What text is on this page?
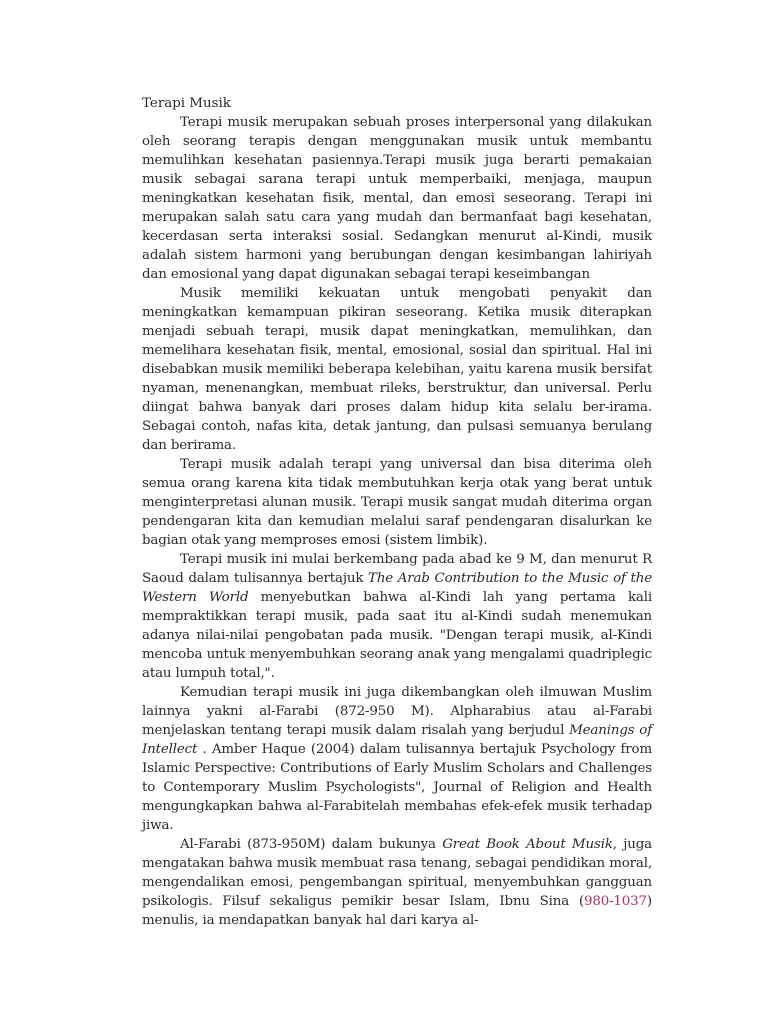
Terapi Musik

Terapi musik merupakan sebuah proses interpersonal yang dilakukan oleh seorang terapis dengan menggunakan musik untuk membantu memulihkan kesehatan pasiennya.Terapi musik juga berarti pemakaian musik sebagai sarana terapi untuk memperbaiki, menjaga, maupun meningkatkan kesehatan fisik, mental, dan emosi seseorang. Terapi ini merupakan salah satu cara yang mudah dan bermanfaat bagi kesehatan, kecerdasan serta interaksi sosial. Sedangkan menurut al-Kindi, musik adalah sistem harmoni yang berubungan dengan kesimbangan lahiriyah dan emosional yang dapat digunakan sebagai terapi keseimbangan

Musik memiliki kekuatan untuk mengobati penyakit dan meningkatkan kemampuan pikiran seseorang. Ketika musik diterapkan menjadi sebuah terapi, musik dapat meningkatkan, memulihkan, dan memelihara kesehatan fisik, mental, emosional, sosial dan spiritual. Hal ini disebabkan musik memiliki beberapa kelebihan, yaitu karena musik bersifat nyaman, menenangkan, membuat rileks, berstruktur, dan universal. Perlu diingat bahwa banyak dari proses dalam hidup kita selalu ber-irama. Sebagai contoh, nafas kita, detak jantung, dan pulsasi semuanya berulang dan berirama.

Terapi musik adalah terapi yang universal dan bisa diterima oleh semua orang karena kita tidak membutuhkan kerja otak yang berat untuk menginterpretasi alunan musik. Terapi musik sangat mudah diterima organ pendengaran kita dan kemudian melalui saraf pendengaran disalurkan ke bagian otak yang memproses emosi (sistem limbik).

Terapi musik ini mulai berkembang pada abad ke 9 M, dan menurut R Saoud dalam tulisannya bertajuk The Arab Contribution to the Music of the Western World menyebutkan bahwa al-Kindi lah yang pertama kali mempraktikkan terapi musik, pada saat itu al-Kindi sudah menemukan adanya nilai-nilai pengobatan pada musik. "Dengan terapi musik, al-Kindi mencoba untuk menyembuhkan seorang anak yang mengalami quadriplegic atau lumpuh total,".

Kemudian terapi musik ini juga dikembangkan oleh ilmuwan Muslim lainnya yakni al-Farabi (872-950 M). Alpharabius atau al-Farabi menjelaskan tentang terapi musik dalam risalah yang berjudul Meanings of Intellect . Amber Haque (2004) dalam tulisannya bertajuk Psychology from Islamic Perspective: Contributions of Early Muslim Scholars and Challenges to Contemporary Muslim Psychologists", Journal of Religion and Health mengungkapkan bahwa al-Farabitelah membahas efek-efek musik terhadap jiwa.

Al-Farabi (873-950M) dalam bukunya Great Book About Musik, juga mengatakan bahwa musik membuat rasa tenang, sebagai pendidikan moral, mengendalikan emosi, pengembangan spiritual, menyembuhkan gangguan psikologis. Filsuf sekaligus pemikir besar Islam, Ibnu Sina (980-1037) menulis, ia mendapatkan banyak hal dari karya al-
